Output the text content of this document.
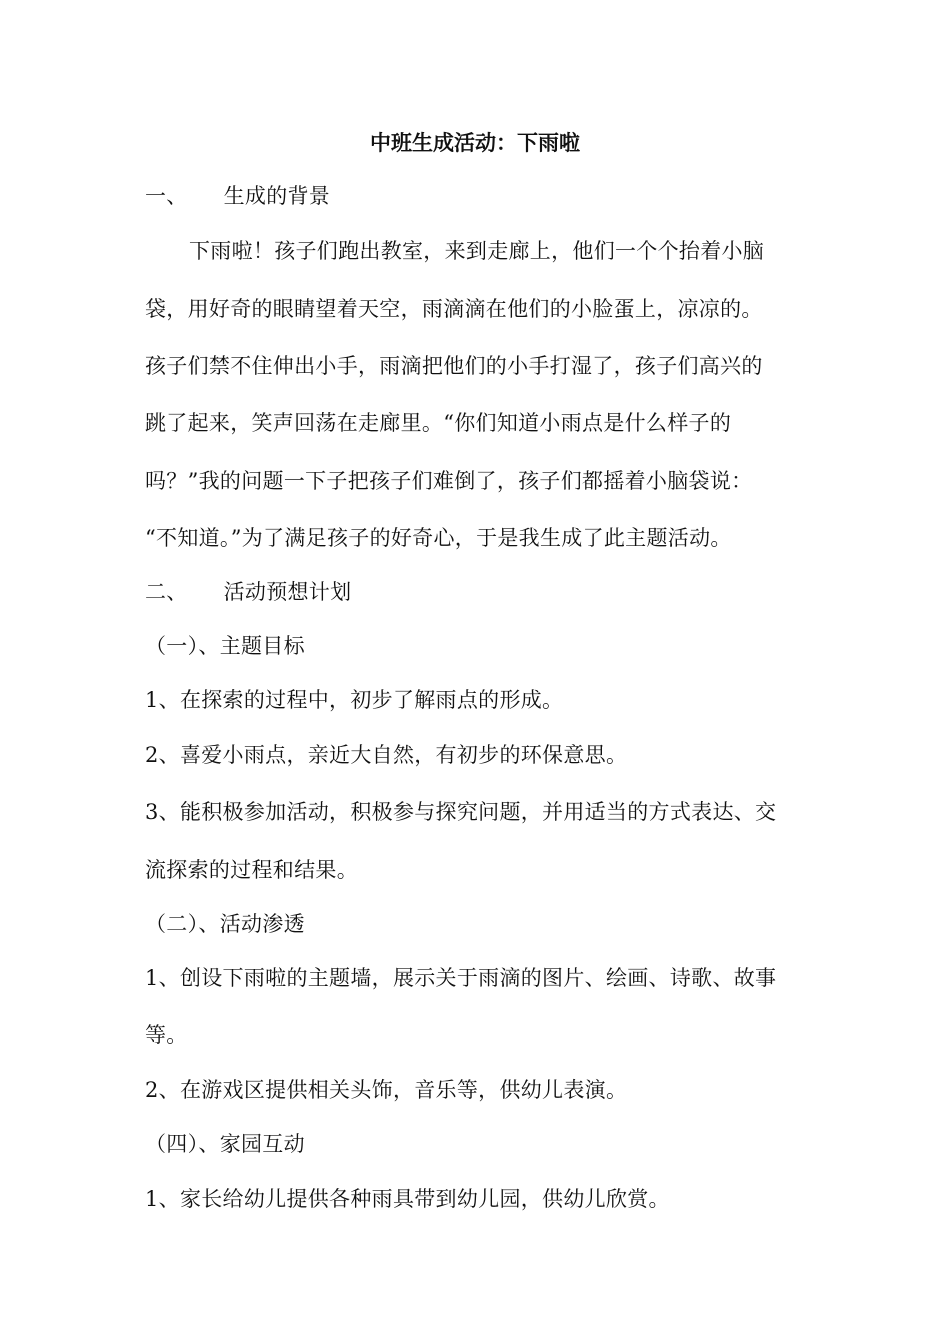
中班生成活动：下雨啦

一、 生成的背景

下雨啦！孩子们跑出教室，来到走廊上，他们一个个抬着小脑

袋，用好奇的眼睛望着天空，雨滴滴在他们的小脸蛋上，凉凉的。

孩子们禁不住伸出小手，雨滴把他们的小手打湿了，孩子们高兴的

跳了起来，笑声回荡在走廊里。“你们知道小雨点是什么样子的

吗？”我的问题一下子把孩子们难倒了，孩子们都摇着小脑袋说：

“不知道。”为了满足孩子的好奇心，于是我生成了此主题活动。

二、 活动预想计划

（一）、主题目标

1、在探索的过程中，初步了解雨点的形成。

2、喜爱小雨点，亲近大自然，有初步的环保意思。

3、能积极参加活动，积极参与探究问题，并用适当的方式表达、交

流探索的过程和结果。

（二）、活动渗透

1、创设下雨啦的主题墙，展示关于雨滴的图片、绘画、诗歌、故事

等。

2、在游戏区提供相关头饰，音乐等，供幼儿表演。

（四）、家园互动

1、家长给幼儿提供各种雨具带到幼儿园，供幼儿欣赏。
